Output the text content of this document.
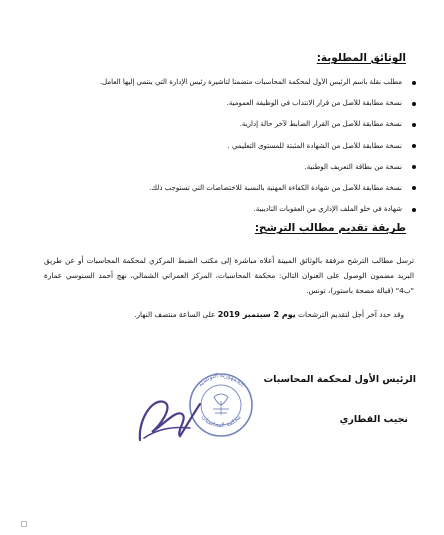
الوثائق المطلوبة:
مطلب نقلة باسم الرئيس الأول لمحكمة المحاسبات متضمنا لتأشيرة رئيس الإدارة التي ينتمي إليها العامل.
نسخة مطابقة للأصل من قرار الانتداب في الوظيفة العمومية.
نسخة مطابقة للأصل من القرار الضابط لآخر حالة إدارية.
نسخة مطابقة للأصل من الشهادة المثبتة للمستوى التعليمي .
نسخة من بطاقة التعريف الوطنية.
نسخة مطابقة للأصل من شهادة الكفاءة المهنية بالنسبة للاختصاصات التي تستوجب ذلك.
شهادة في خلو الملف الإداري من العقوبات التأديبية.
طريقة تقديم مطالب الترشح:

ترسل مطالب الترشح مرفقة بالوثائق المبينة أعلاه مباشرة إلى مكتب الضبط المركزي لمحكمة المحاسبات أو عن طريق البريد مضمون الوصول على العنوان التالي: محكمة المحاسبات، المركز العمراني الشمالي، نهج أحمد السنوسي عمارة "ب4" (قبالة مصحة باستور)، تونس.

وقد حدد آخر أجل لتقديم الترشحات يوم 2 سبتمبر 2019 على الساعة منتصف النهار.

الرئيس الأول لمحكمة المحاسبات
الجمهورية التونسية
محكمة المحاسبات	نجيب القطاري
